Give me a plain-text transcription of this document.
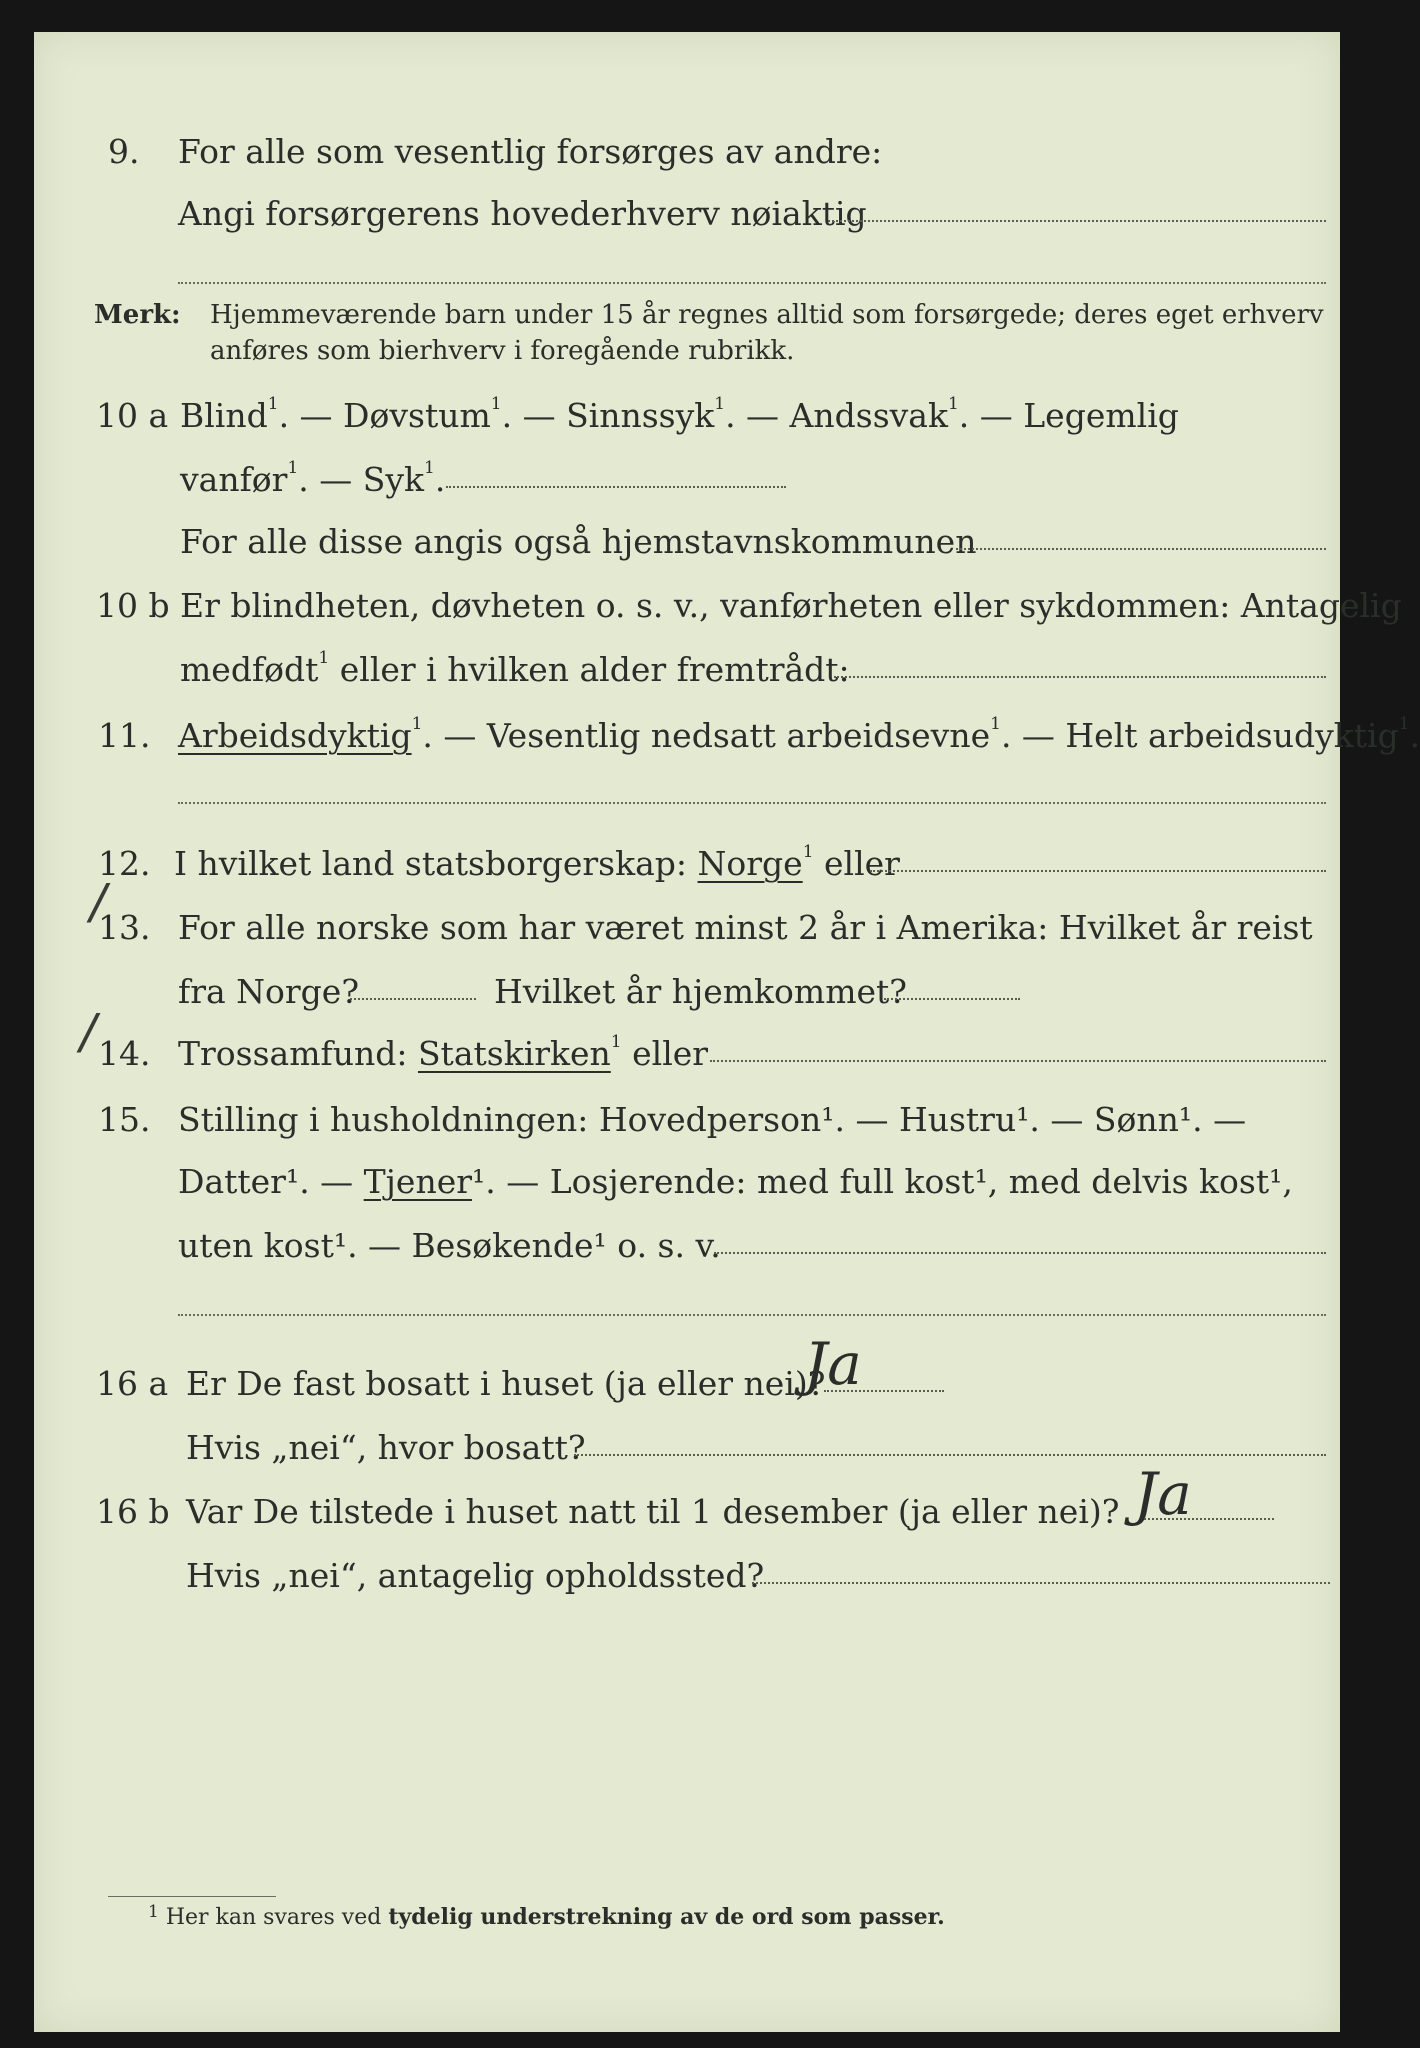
9. For alle som vesentlig forsørges av andre:
Angi forsørgerens hovederhverv nøiaktig
Merk: Hjemmeværende barn under 15 år regnes alltid som forsørgede; deres eget erhverv
anføres som bierhverv i foregående rubrikk.
10 a Blind$^1$. — Døvstum$^1$. — Sinnssyk$^1$. — Andssvak$^1$. — Legemlig
vanfør$^1$. — Syk$^1$.
For alle disse angis også hjemstavnskommunen
10 b Er blindheten, døvheten o. s. v., vanførheten eller sykdommen: Antagelig
medfødt$^1$ eller i hvilken alder fremtrådt:
11. Arbeidsdyktig$^1$. — Vesentlig nedsatt arbeidsevne$^1$. — Helt arbeidsudyktig$^1$.
12. I hvilket land statsborgerskap: Norge$^1$ eller
/
13. For alle norske som har været minst 2 år i Amerika: Hvilket år reist
fra Norge?	Hvilket år hjemkommet?
/ 14. Trossamfund: Statskirken$^1$ eller
15. Stilling i husholdningen: Hovedperson¹. — Hustru¹. — Sønn¹. —
Datter¹. — Tjener¹. — Losjerende: med full kost¹, med delvis kost¹,
uten kost¹. — Besøkende¹ o. s. v.
16 a Er De fast bosatt i huset (ja eller nei)?
Ja
Hvis „nei“, hvor bosatt?
16 b Var De tilstede i huset natt til 1 desember (ja eller nei)? Ja
Hvis „nei“, antagelig opholdssted?
$^1$ Her kan svares ved tydelig understrekning av de ord som passer.
